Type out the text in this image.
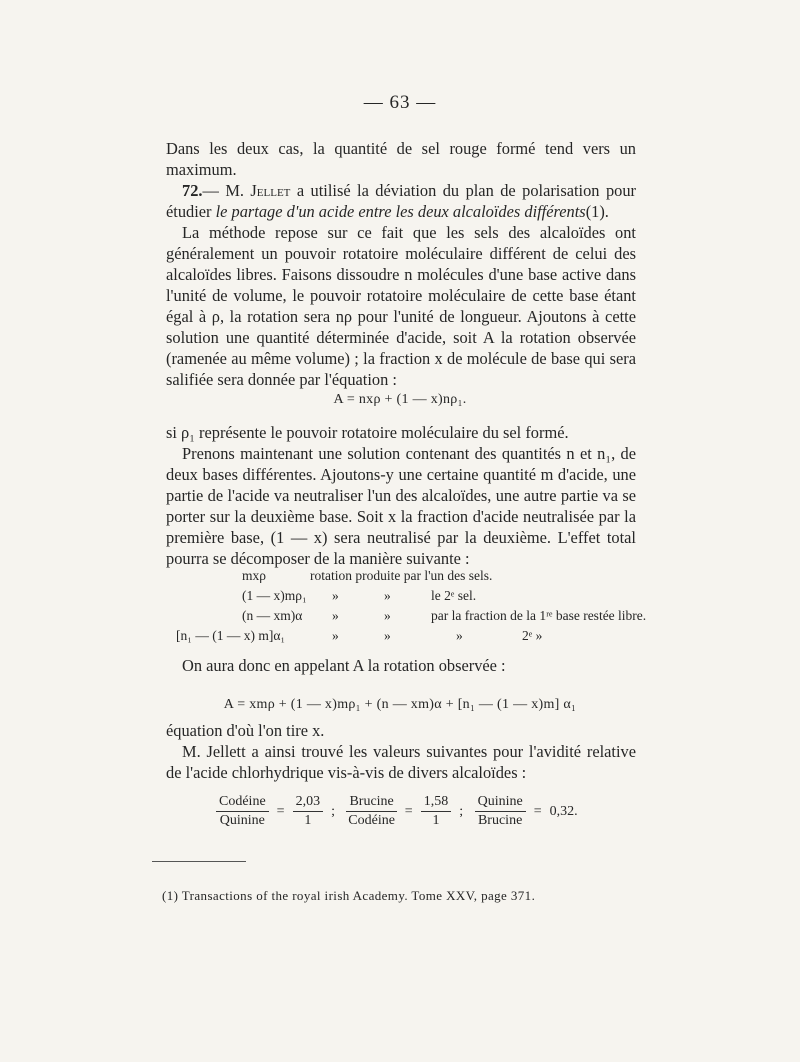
— 63 —
Dans les deux cas, la quantité de sel rouge formé tend vers un maximum.
72.— M. Jellet a utilisé la déviation du plan de polarisation pour étudier le partage d'un acide entre les deux alcaloïdes différents(1).
La méthode repose sur ce fait que les sels des alcaloïdes ont généralement un pouvoir rotatoire moléculaire différent de celui des alcaloïdes libres. Faisons dissoudre n molécules d'une base active dans l'unité de volume, le pouvoir rotatoire moléculaire de cette base étant égal à ρ, la rotation sera nρ pour l'unité de longueur. Ajoutons à cette solution une quantité déterminée d'acide, soit A la rotation observée (ramenée au même volume) ; la fraction x de molécule de base qui sera salifiée sera donnée par l'équation :
A = nxρ + (1 — x)nρ₁.
si ρ₁ représente le pouvoir rotatoire moléculaire du sel formé.
Prenons maintenant une solution contenant des quantités n et n₁, de deux bases différentes. Ajoutons-y une certaine quantité m d'acide, une partie de l'acide va neutraliser l'un des alcaloïdes, une autre partie va se porter sur la deuxième base. Soit x la fraction d'acide neutralisée par la première base, (1 — x) sera neutralisé par la deuxième. L'effet total pourra se décomposer de la manière suivante :
mxρ	rotation produite par l'un des sels.
(1 — x)mρ₁ »	»	le 2ᵉ sel.
(n — xm)α »	»	par la fraction de la 1ʳᵉ base restée libre.
[n₁ — (1 — x) m]α₁	»	»	»	2ᵉ »
On aura donc en appelant A la rotation observée :
A = xmρ + (1 — x)mρ₁ + (n — xm)α + [n₁ — (1 — x)m] α₁
équation d'où l'on tire x.
M. Jellett a ainsi trouvé les valeurs suivantes pour l'avidité relative de l'acide chlorhydrique vis-à-vis de divers alcaloïdes :
$\frac{\text{Codéine}}{\text{Quinine}} = \frac{2,03}{1}$ ; $\frac{\text{Brucine}}{\text{Codéine}} = \frac{1,58}{1}$ ; $\frac{\text{Quinine}}{\text{Brucine}} = 0,32$.
(1) Transactions of the royal irish Academy. Tome XXV, page 371.
